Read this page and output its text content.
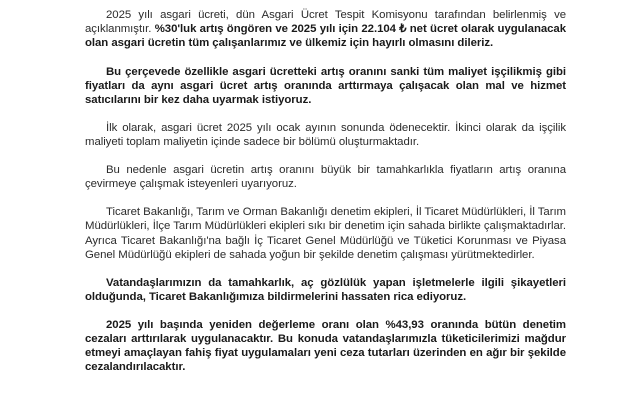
2025 yılı asgari ücreti, dün Asgari Ücret Tespit Komisyonu tarafından belirlenmiş ve açıklanmıştır. %30'luk artış öngören ve 2025 yılı için 22.104 ₺ net ücret olarak uygulanacak olan asgari ücretin tüm çalışanlarımız ve ülkemiz için hayırlı olmasını dileriz.

Bu çerçevede özellikle asgari ücretteki artış oranını sanki tüm maliyet işçilikmiş gibi fiyatları da aynı asgari ücret artış oranında arttırmaya çalışacak olan mal ve hizmet satıcılarını bir kez daha uyarmak istiyoruz.

İlk olarak, asgari ücret 2025 yılı ocak ayının sonunda ödenecektir. İkinci olarak da işçilik maliyeti toplam maliyetin içinde sadece bir bölümü oluşturmaktadır.

Bu nedenle asgari ücretin artış oranını büyük bir tamahkarlıkla fiyatların artış oranına çevirmeye çalışmak isteyenleri uyarıyoruz.

Ticaret Bakanlığı, Tarım ve Orman Bakanlığı denetim ekipleri, İl Ticaret Müdürlükleri, İl Tarım Müdürlükleri, İlçe Tarım Müdürlükleri ekipleri sıkı bir denetim için sahada birlikte çalışmaktadırlar. Ayrıca Ticaret Bakanlığı'na bağlı İç Ticaret Genel Müdürlüğü ve Tüketici Korunması ve Piyasa Genel Müdürlüğü ekipleri de sahada yoğun bir şekilde denetim çalışması yürütmektedirler.

Vatandaşlarımızın da tamahkarlık, aç gözlülük yapan işletmelerle ilgili şikayetleri olduğunda, Ticaret Bakanlığımıza bildirmelerini hassaten rica ediyoruz.

2025 yılı başında yeniden değerleme oranı olan %43,93 oranında bütün denetim cezaları arttırılarak uygulanacaktır. Bu konuda vatandaşlarımızla tüketicilerimizi mağdur etmeyi amaçlayan fahiş fiyat uygulamaları yeni ceza tutarları üzerinden en ağır bir şekilde cezalandırılacaktır.
